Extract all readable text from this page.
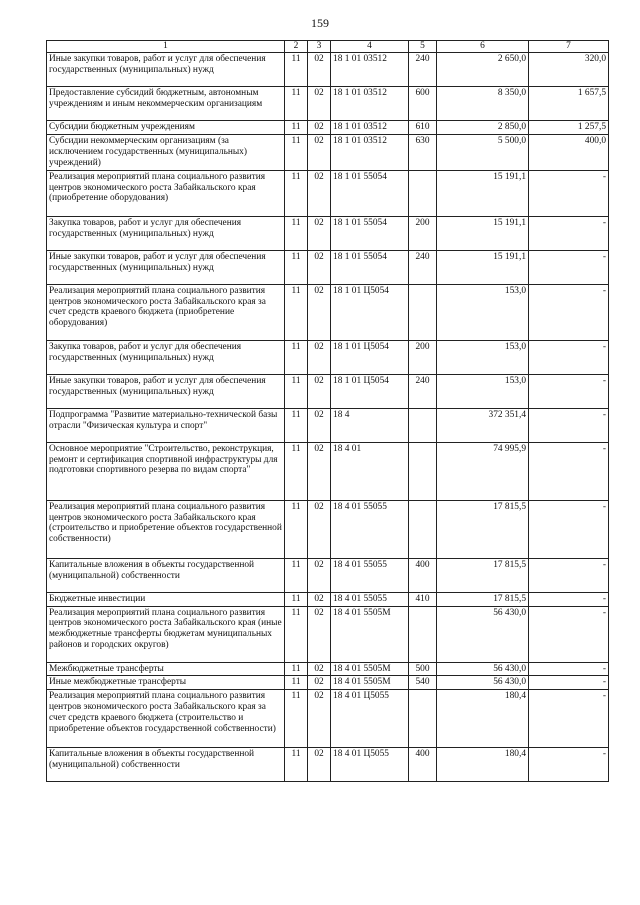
159
1	2	3	4	5	6	7
Иные закупки товаров, работ и услуг для обеспечения государственных (муниципальных) нужд	11	02	18 1 01 03512	240	2 650,0	320,0
Предоставление субсидий бюджетным, автономным учреждениям и иным некоммерческим организациям	11	02	18 1 01 03512	600	8 350,0	1 657,5
Субсидии бюджетным учреждениям	11	02	18 1 01 03512	610	2 850,0	1 257,5
Субсидии некоммерческим организациям (за исключением государственных (муниципальных) учреждений)	11	02	18 1 01 03512	630	5 500,0	400,0
Реализация мероприятий плана социального развития центров экономического роста Забайкальского края (приобретение оборудования)	11	02	18 1 01 55054		15 191,1	-
Закупка товаров, работ и услуг для обеспечения государственных (муниципальных) нужд	11	02	18 1 01 55054	200	15 191,1	-
Иные закупки товаров, работ и услуг для обеспечения государственных (муниципальных) нужд	11	02	18 1 01 55054	240	15 191,1	-
Реализация мероприятий плана социального развития центров экономического роста Забайкальского края за счет средств краевого бюджета (приобретение оборудования)	11	02	18 1 01 Ц5054		153,0	-
Закупка товаров, работ и услуг для обеспечения государственных (муниципальных) нужд	11	02	18 1 01 Ц5054	200	153,0	-
Иные закупки товаров, работ и услуг для обеспечения государственных (муниципальных) нужд	11	02	18 1 01 Ц5054	240	153,0	-
Подпрограмма "Развитие материально-технической базы отрасли "Физическая культура и спорт"	11	02	18 4		372 351,4	-
Основное мероприятие "Строительство, реконструкция, ремонт и сертификация спортивной инфраструктуры для подготовки спортивного резерва по видам спорта"	11	02	18 4 01		74 995,9	-
Реализация мероприятий плана социального развития центров экономического роста Забайкальского края (строительство и приобретение объектов государственной собственности)	11	02	18 4 01 55055		17 815,5	-
Капитальные вложения в объекты государственной (муниципальной) собственности	11	02	18 4 01 55055	400	17 815,5	-
Бюджетные инвестиции	11	02	18 4 01 55055	410	17 815,5	-
Реализация мероприятий плана социального развития центров экономического роста Забайкальского края (иные межбюджетные трансферты бюджетам муниципальных районов и городских округов)	11	02	18 4 01 5505М		56 430,0	-
Межбюджетные трансферты	11	02	18 4 01 5505М	500	56 430,0	-
Иные межбюджетные трансферты	11	02	18 4 01 5505М	540	56 430,0	-
Реализация мероприятий плана социального развития центров экономического роста Забайкальского края за счет средств краевого бюджета (строительство и приобретение объектов государственной собственности)	11	02	18 4 01 Ц5055		180,4	-
Капитальные вложения в объекты государственной (муниципальной) собственности	11	02	18 4 01 Ц5055	400	180,4	-
